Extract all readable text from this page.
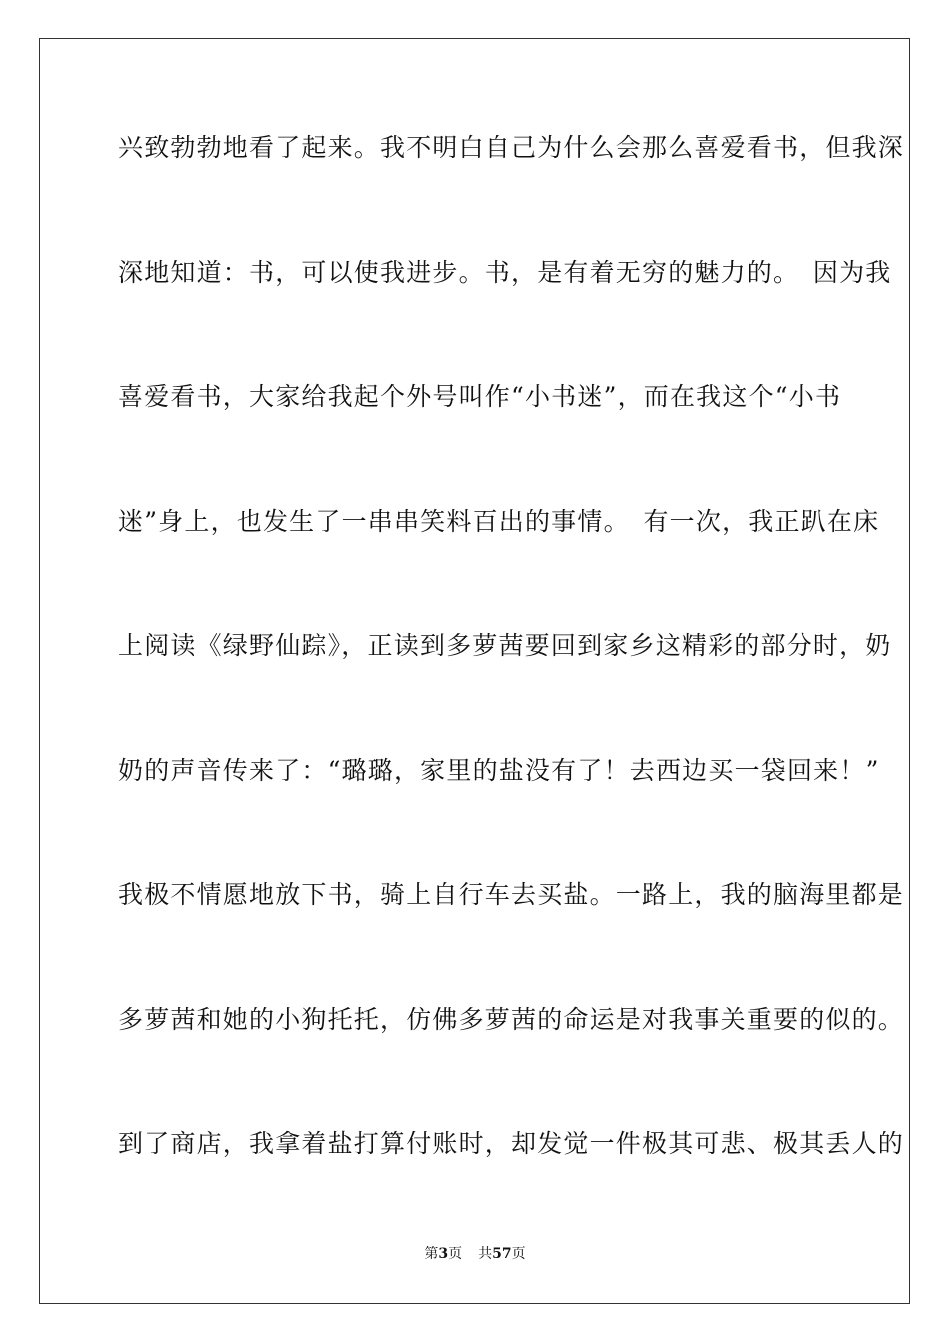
兴致勃勃地看了起来。我不明白自己为什么会那么喜爱看书，但我深
深地知道：书，可以使我进步。书，是有着无穷的魅力的。　因为我
喜爱看书，大家给我起个外号叫作“小书迷”，而在我这个“小书
迷”身上，也发生了一串串笑料百出的事情。　有一次，我正趴在床
上阅读《绿野仙踪》，正读到多萝茜要回到家乡这精彩的部分时，奶
奶的声音传来了：“璐璐，家里的盐没有了！去西边买一袋回来！”
我极不情愿地放下书，骑上自行车去买盐。一路上，我的脑海里都是
多萝茜和她的小狗托托，仿佛多萝茜的命运是对我事关重要的似的。
到了商店，我拿着盐打算付账时，却发觉一件极其可悲、极其丢人的
第3页 共57页
